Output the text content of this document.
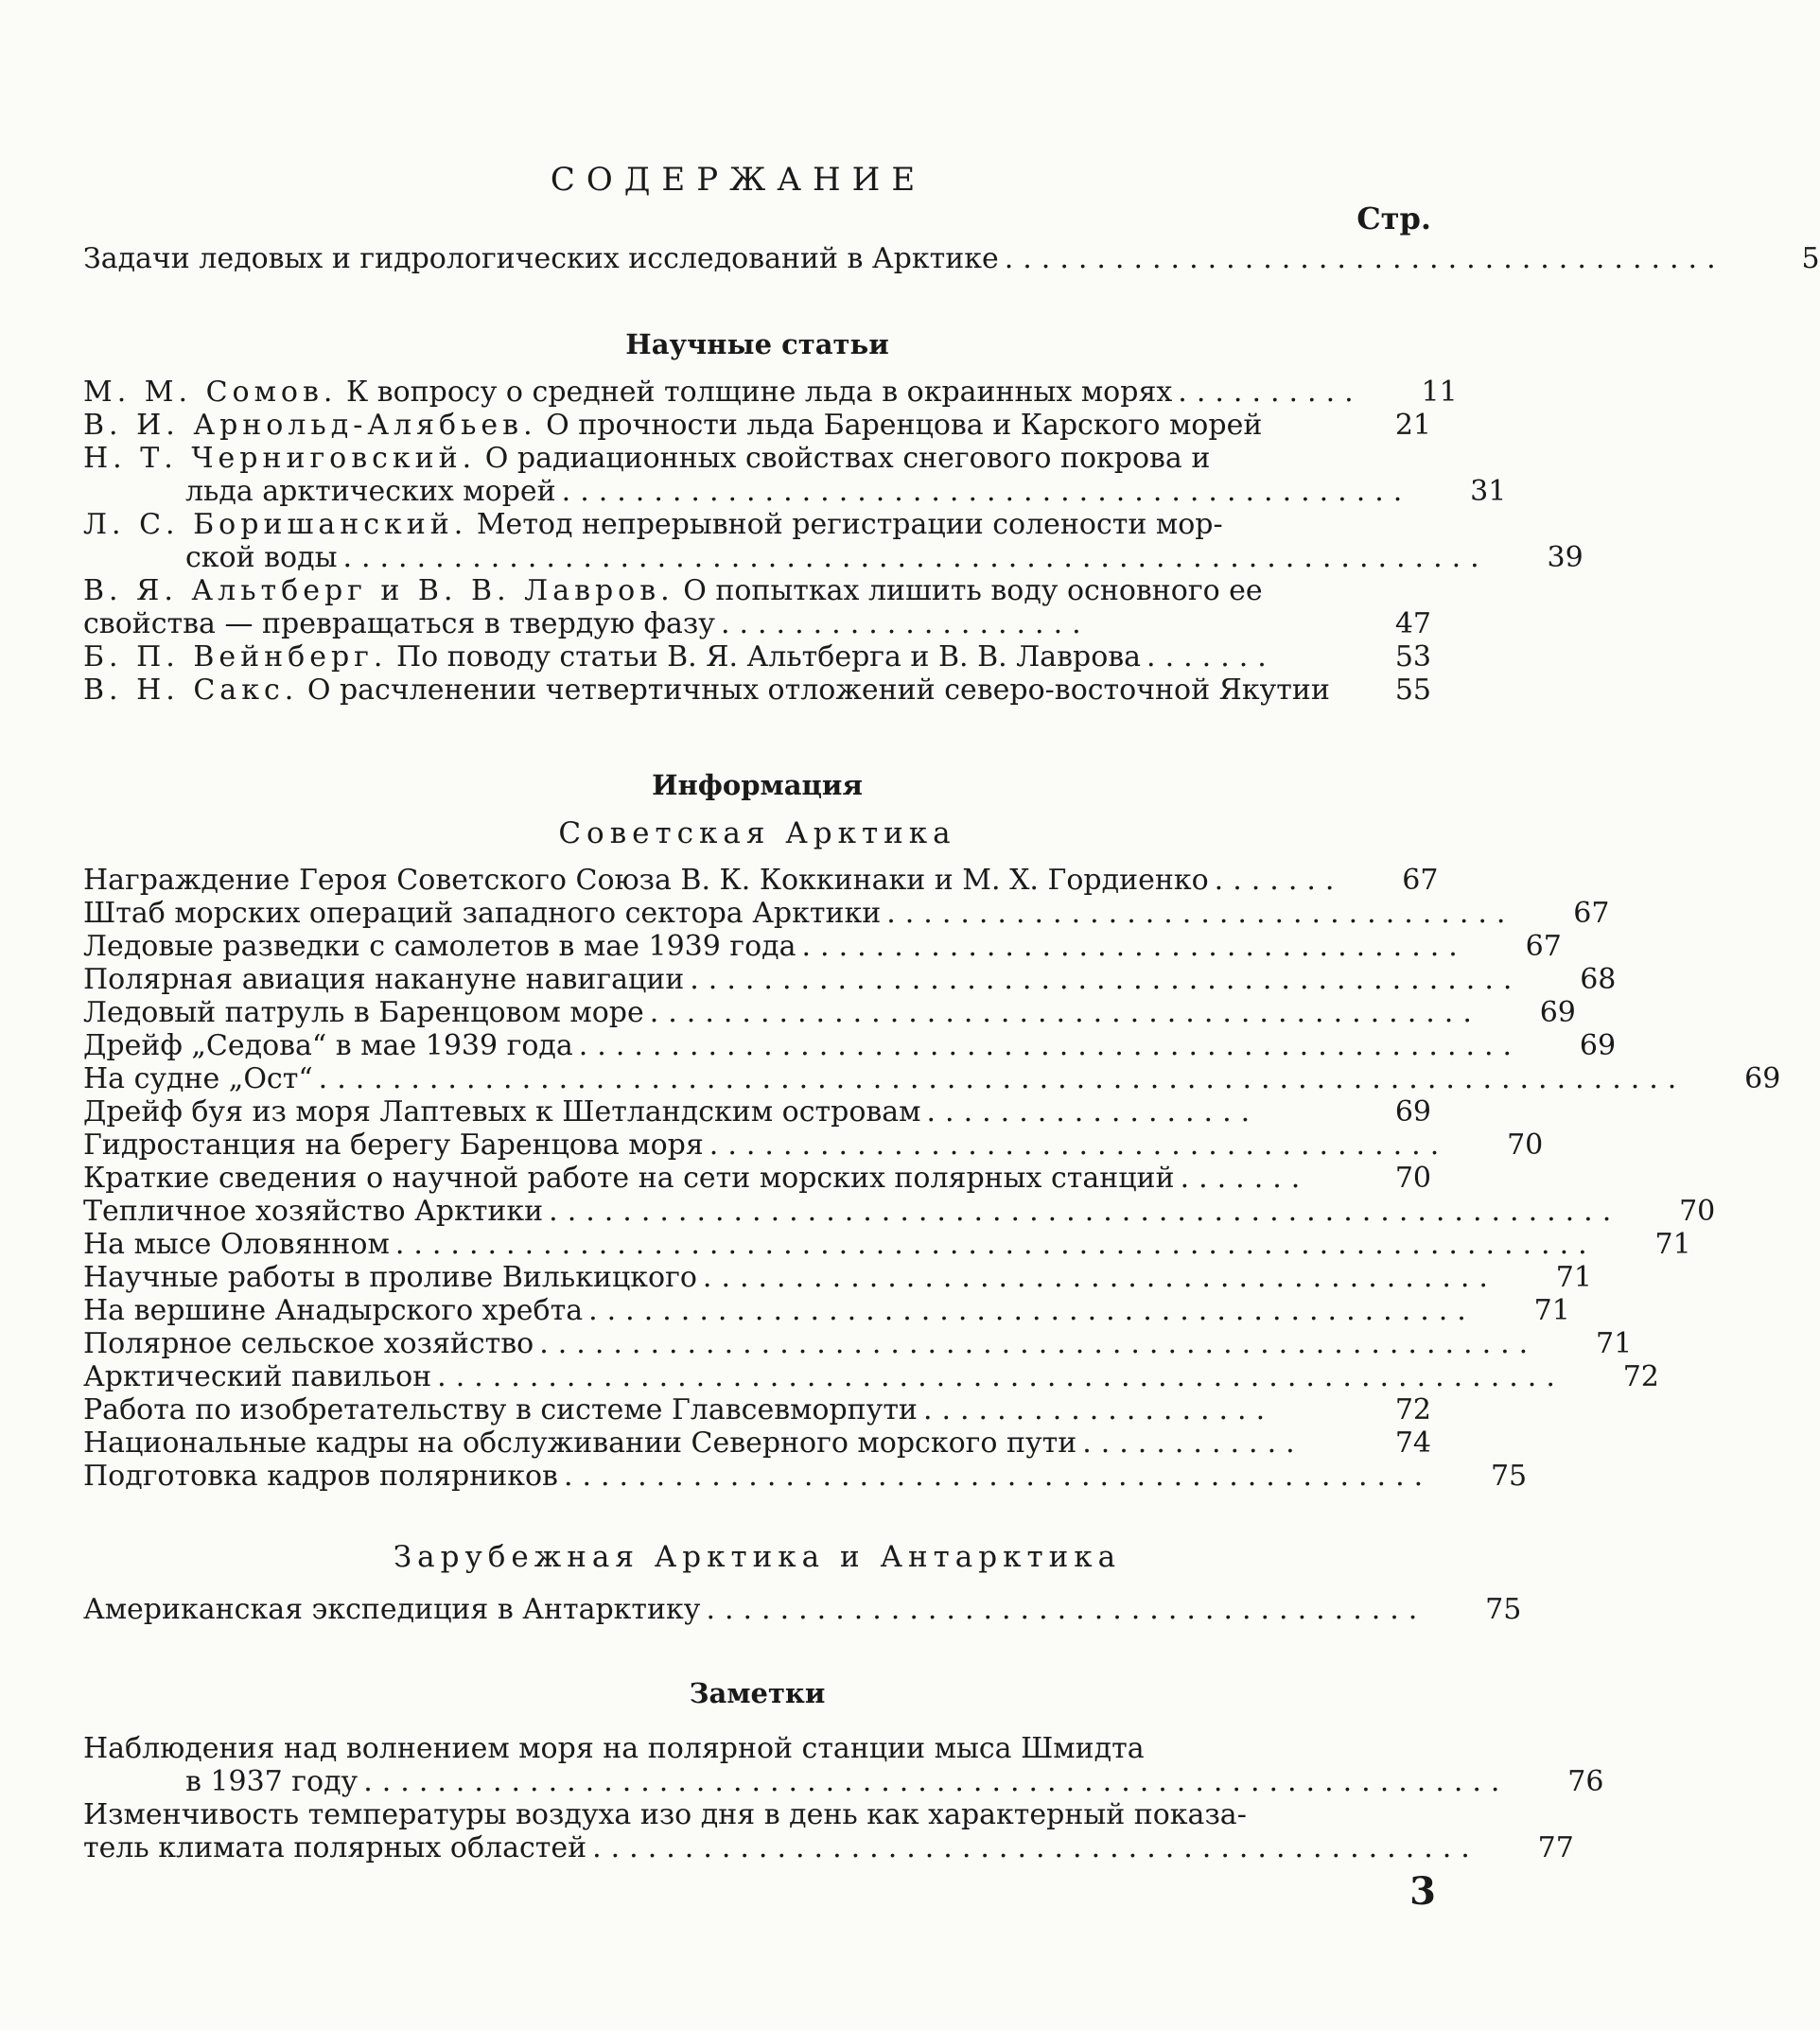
СОДЕРЖАНИЕ
Стр.
Задачи ледовых и гидрологических исследований в Арктике .......................................	5
Научные статьи
М. М. Сомов. К вопросу о средней толщине льда в окраинных морях ..........	11
В. И. Арнольд-Алябьев. О прочности льда Баренцова и Карского морей	21
Н. Т. Черниговский. О радиационных свойствах снегового покрова и
льда арктических морей ..............................................	31
Л. С. Боришанский. Метод непрерывной регистрации солености мор-
ской воды ..............................................................	39
В. Я. Альтберг и В. В. Лавров. О попытках лишить воду основного ее
свойства — превращаться в твердую фазу ....................	47
Б. П. Вейнберг. По поводу статьи В. Я. Альтберга и В. В. Лаврова .......	53
В. Н. Сакс. О расчленении четвертичных отложений северо-восточной Якутии	55
Информация
Советская Арктика
Награждение Героя Советского Союза В. К. Коккинаки и М. Х. Гордиенко .......	67
Штаб морских операций западного сектора Арктики ..................................	67
Ледовые разведки с самолетов в мае 1939 года ....................................	67
Полярная авиация накануне навигации .............................................	68
Ледовый патруль в Баренцовом море .............................................	69
Дрейф „Седова“ в мае 1939 года ...................................................	69
На судне „Ост“ ..........................................................................	69
Дрейф буя из моря Лаптевых к Шетландским островам ..................	69
Гидростанция на берегу Баренцова моря ........................................	70
Краткие сведения о научной работе на сети морских полярных станций .......	70
Тепличное хозяйство Арктики ..........................................................	70
На мысе Оловянном .................................................................	71
Научные работы в проливе Вилькицкого ...........................................	71
На вершине Анадырского хребта ................................................	71
Полярное сельское хозяйство ......................................................	71
Арктический павильон .............................................................	72
Работа по изобретательству в системе Главсевморпути ...................	72
Национальные кадры на обслуживании Северного морского пути ............	74
Подготовка кадров полярников ...............................................	75
Зарубежная Арктика и Антарктика
Американская экспедиция в Антарктику .......................................	75
Заметки
Наблюдения над волнением моря на полярной станции мыса Шмидта
в 1937 году ..............................................................	76
Изменчивость температуры воздуха изо дня в день как характерный показа-
тель климата полярных областей ................................................	77
3
